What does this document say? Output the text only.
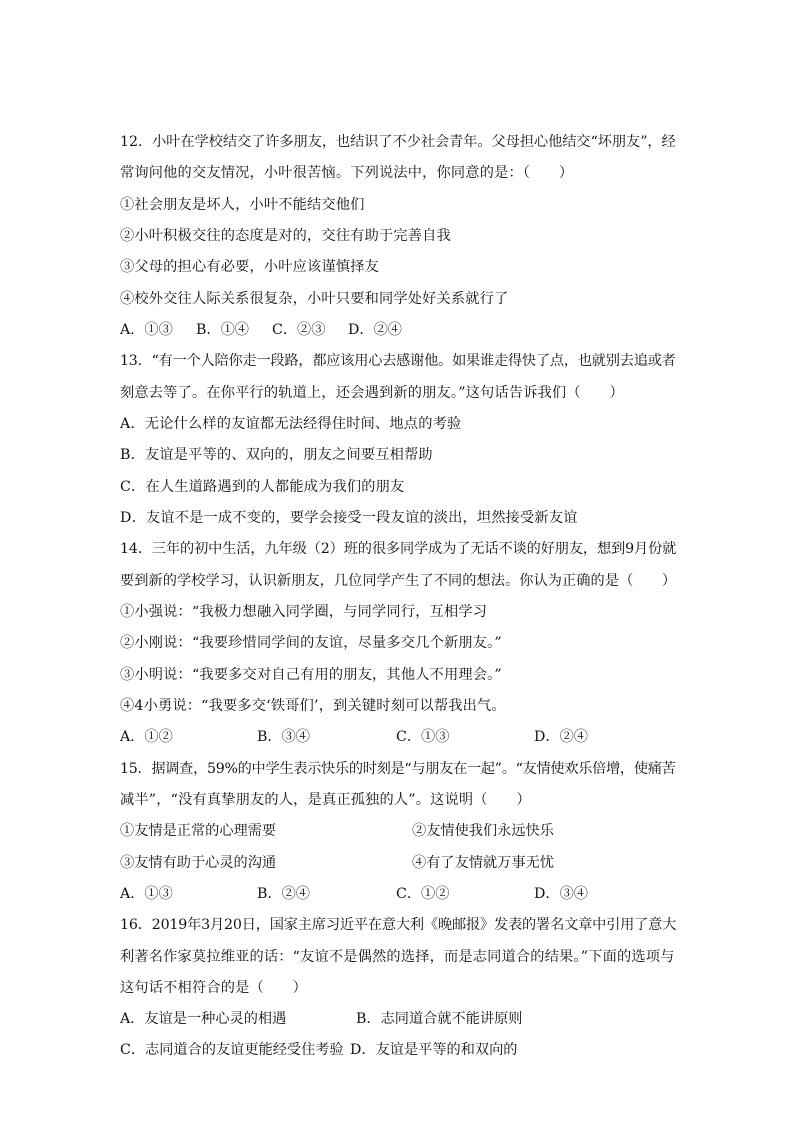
12．小叶在学校结交了许多朋友，也结识了不少社会青年。父母担心他结交“坏朋友”，经
常询问他的交友情况，小叶很苦恼。下列说法中，你同意的是：（　　）
①社会朋友是坏人，小叶不能结交他们
②小叶积极交往的态度是对的，交往有助于完善自我
③父母的担心有必要，小叶应该谨慎择友
④校外交往人际关系很复杂，小叶只要和同学处好关系就行了
A．①③ B．①④ C．②③ D．②④
13．“有一个人陪你走一段路，都应该用心去感谢他。如果谁走得快了点，也就别去追或者
刻意去等了。在你平行的轨道上，还会遇到新的朋友。”这句话告诉我们（　　）
A．无论什么样的友谊都无法经得住时间、地点的考验
B．友谊是平等的、双向的，朋友之间要互相帮助
C．在人生道路遇到的人都能成为我们的朋友
D．友谊不是一成不变的，要学会接受一段友谊的淡出，坦然接受新友谊
14．三年的初中生活，九年级（2）班的很多同学成为了无话不谈的好朋友，想到9月份就
要到新的学校学习，认识新朋友，几位同学产生了不同的想法。你认为正确的是（　　）
①小强说：“我极力想融入同学圈，与同学同行，互相学习
②小刚说：“我要珍惜同学间的友谊，尽量多交几个新朋友。”
③小明说：“我要多交对自己有用的朋友，其他人不用理会。”
④4小勇说：“我要多交‘铁哥们’，到关键时刻可以帮我出气。
A．①②	B．③④	C．①③	D．②④
15．据调查，59%的中学生表示快乐的时刻是“与朋友在一起”。“友情使欢乐倍增，使痛苦
减半”，“没有真挚朋友的人，是真正孤独的人”。这说明（　　）
①友情是正常的心理需要	②友情使我们永远快乐
③友情有助于心灵的沟通	④有了友情就万事无忧
A．①③	B．②④	C．①②	D．③④
16．2019年3月20日，国家主席习近平在意大利《晚邮报》发表的署名文章中引用了意大
利著名作家莫拉维亚的话：“友谊不是偶然的选择，而是志同道合的结果。”下面的选项与
这句话不相符合的是（　　）
A．友谊是一种心灵的相遇	B．志同道合就不能讲原则
C．志同道合的友谊更能经受住考验 D．友谊是平等的和双向的
